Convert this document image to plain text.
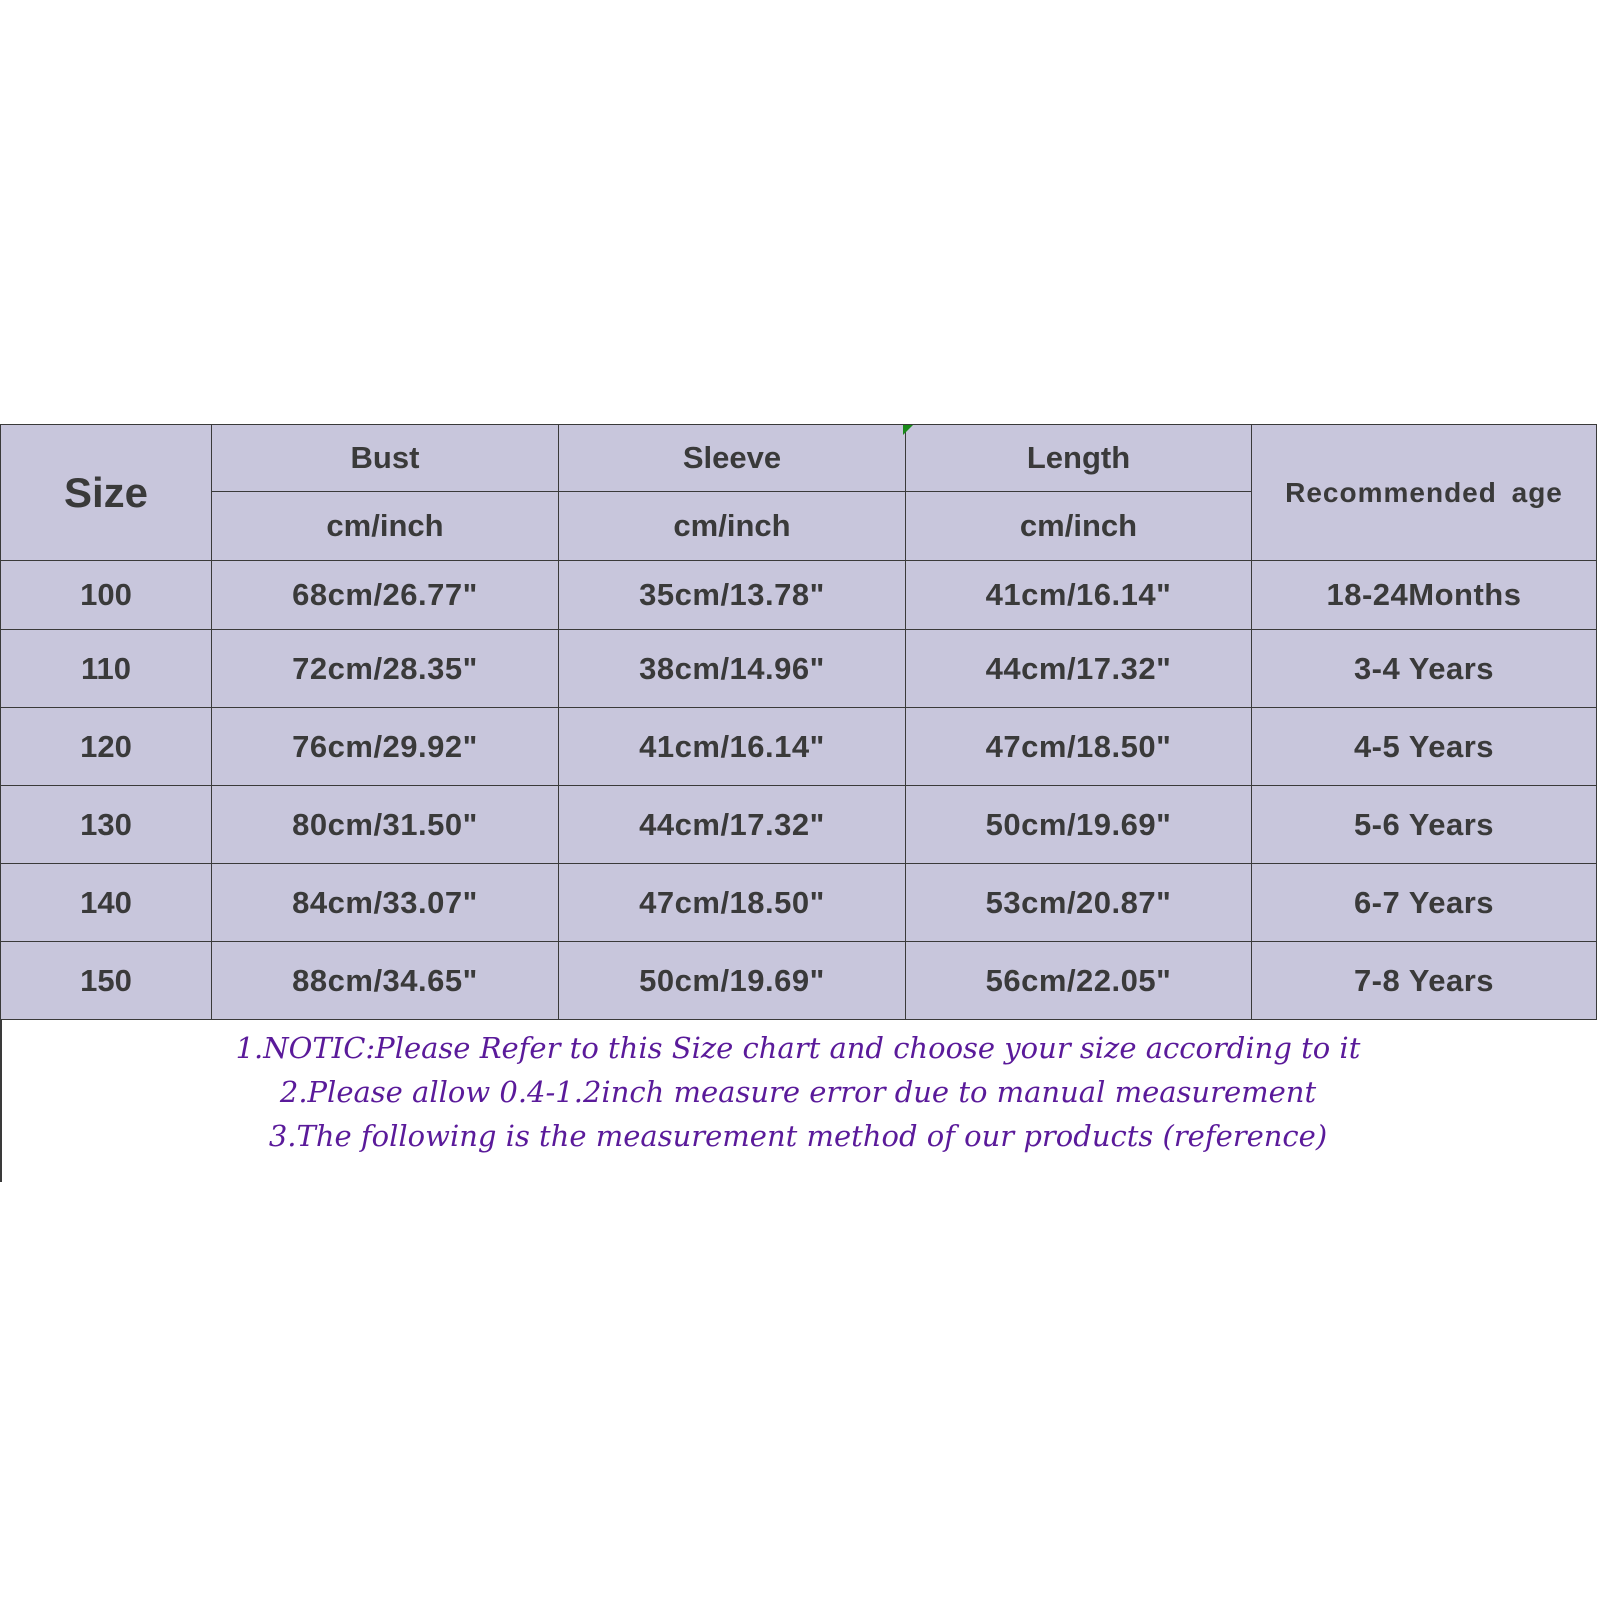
Size	Bust	Sleeve	Length	Recommended age
	cm/inch	cm/inch	cm/inch	
100	68cm/26.77"	35cm/13.78"	41cm/16.14"	18-24Months
110	72cm/28.35"	38cm/14.96"	44cm/17.32"	3-4 Years
120	76cm/29.92"	41cm/16.14"	47cm/18.50"	4-5 Years
130	80cm/31.50"	44cm/17.32"	50cm/19.69"	5-6 Years
140	84cm/33.07"	47cm/18.50"	53cm/20.87"	6-7 Years
150	88cm/34.65"	50cm/19.69"	56cm/22.05"	7-8 Years
1.NOTIC:Please Refer to this Size chart and choose your size according to it
2.Please allow 0.4-1.2inch measure error due to manual measurement
3.The following is the measurement method of our products (reference)
